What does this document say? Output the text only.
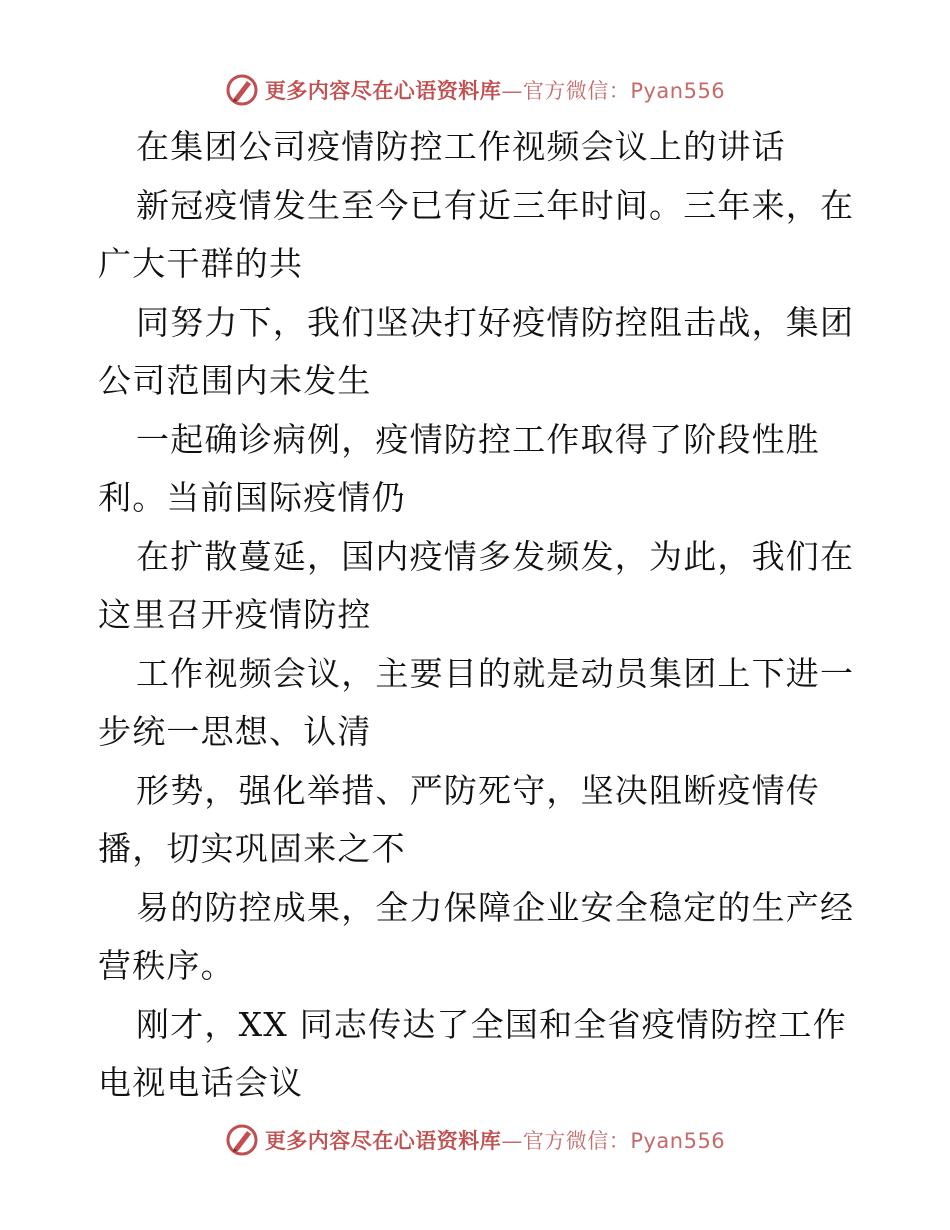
更多内容尽在心语资料库—官方微信：Pyan556
在集团公司疫情防控工作视频会议上的讲话
新冠疫情发生至今已有近三年时间。三年来，在
广大干群的共
同努力下，我们坚决打好疫情防控阻击战，集团
公司范围内未发生
一起确诊病例，疫情防控工作取得了阶段性胜
利。当前国际疫情仍
在扩散蔓延，国内疫情多发频发，为此，我们在
这里召开疫情防控
工作视频会议，主要目的就是动员集团上下进一
步统一思想、认清
形势，强化举措、严防死守，坚决阻断疫情传
播，切实巩固来之不
易的防控成果，全力保障企业安全稳定的生产经
营秩序。
刚才，XX 同志传达了全国和全省疫情防控工作
电视电话会议
更多内容尽在心语资料库—官方微信：Pyan556
